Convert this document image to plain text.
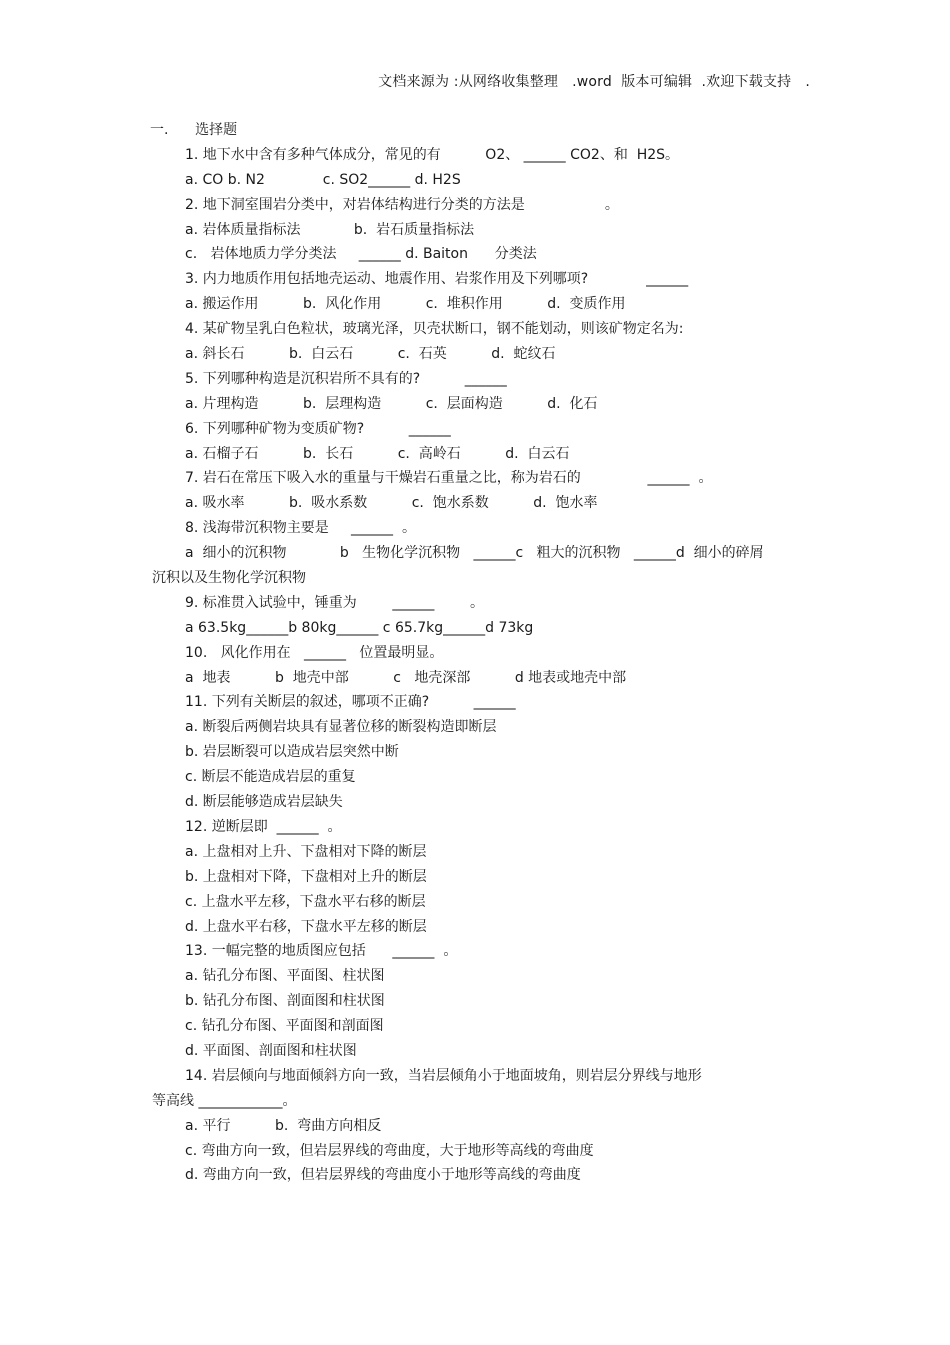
文档来源为 :从网络收集整理   .word  版本可编辑  .欢迎下载支持   .
一.      选择题
1. 地下水中含有多种气体成分，常见的有          O2、 ______ CO2、和  H2S。
a. CO b. N2             c. SO2______ d. H2S
2. 地下洞室围岩分类中，对岩体结构进行分类的方法是                  。
a. 岩体质量指标法            b.  岩石质量指标法
c.   岩体地质力学分类法     ______ d. Baiton      分类法
3. 内力地质作用包括地壳运动、地震作用、岩浆作用及下列哪项?             ______
a. 搬运作用          b.  风化作用          c.  堆积作用          d.  变质作用
4. 某矿物呈乳白色粒状，玻璃光泽，贝壳状断口，钢不能划动，则该矿物定名为:
a. 斜长石          b.  白云石          c.  石英          d.  蛇纹石
5. 下列哪种构造是沉积岩所不具有的?          ______
a. 片理构造          b.  层理构造          c.  层面构造          d.  化石
6. 下列哪种矿物为变质矿物?          ______
a. 石榴子石          b.  长石          c.  高岭石          d.  白云石
7. 岩石在常压下吸入水的重量与干燥岩石重量之比，称为岩石的               ______  。
a. 吸水率          b.  吸水系数          c.  饱水系数          d.  饱水率
8. 浅海带沉积物主要是     ______  。
a  细小的沉积物            b   生物化学沉积物   ______c   粗大的沉积物   ______d  细小的碎屑
沉积以及生物化学沉积物
9. 标准贯入试验中，锤重为        ______        。
a 63.5kg______b 80kg______ c 65.7kg______d 73kg
10.   风化作用在   ______   位置最明显。
a  地表          b  地壳中部          c   地壳深部          d 地表或地壳中部
11. 下列有关断层的叙述，哪项不正确?          ______
a. 断裂后两侧岩块具有显著位移的断裂构造即断层
b. 岩层断裂可以造成岩层突然中断
c. 断层不能造成岩层的重复
d. 断层能够造成岩层缺失
12. 逆断层即  ______  。
a. 上盘相对上升、下盘相对下降的断层
b. 上盘相对下降，下盘相对上升的断层
c. 上盘水平左移，下盘水平右移的断层
d. 上盘水平右移，下盘水平左移的断层
13. 一幅完整的地质图应包括      ______  。
a. 钻孔分布图、平面图、柱状图
b. 钻孔分布图、剖面图和柱状图
c. 钻孔分布图、平面图和剖面图
d. 平面图、剖面图和柱状图
14. 岩层倾向与地面倾斜方向一致，当岩层倾角小于地面坡角，则岩层分界线与地形
等高线 ____________。
a. 平行          b.  弯曲方向相反
c. 弯曲方向一致，但岩层界线的弯曲度，大于地形等高线的弯曲度
d. 弯曲方向一致，但岩层界线的弯曲度小于地形等高线的弯曲度
